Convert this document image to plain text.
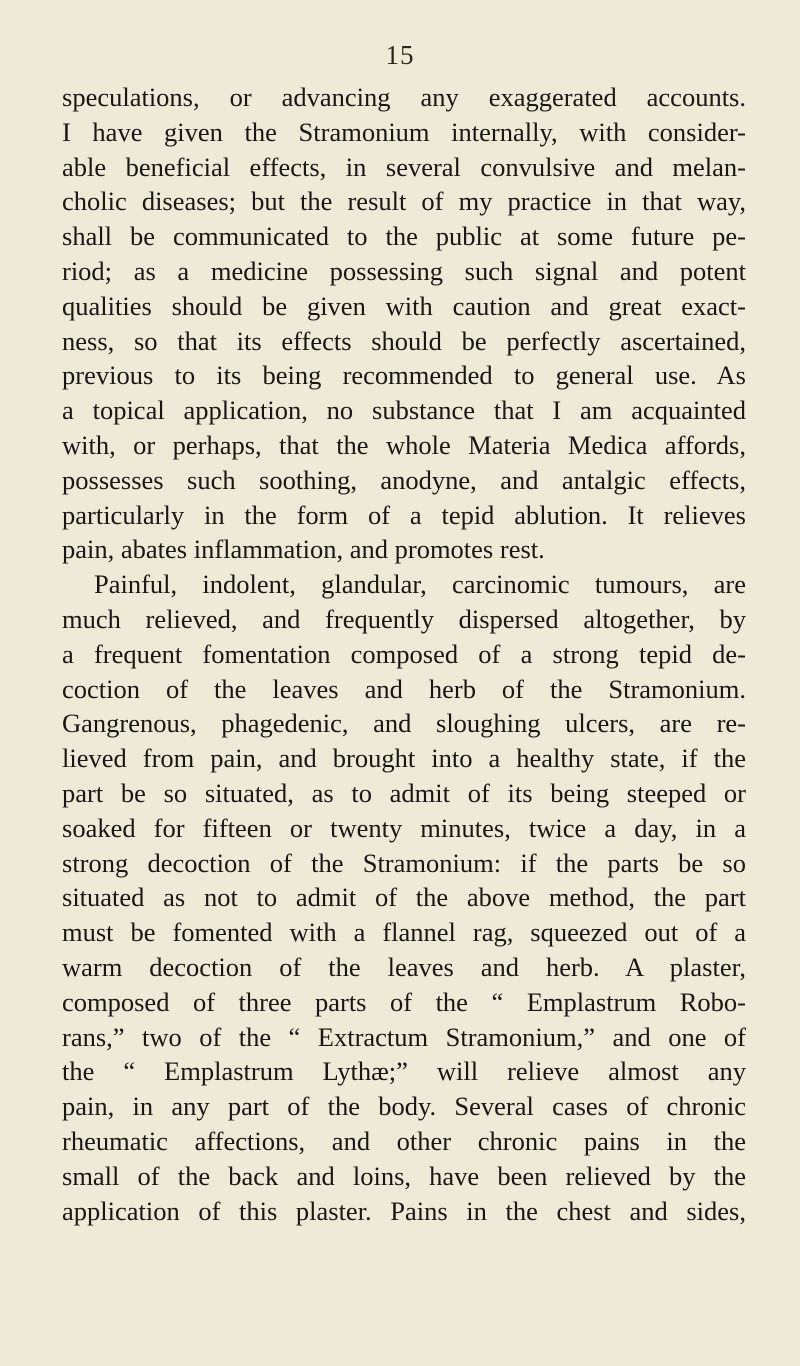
15
speculations, or advancing any exaggerated accounts.
I have given the Stramonium internally, with consider-
able beneficial effects, in several convulsive and melan-
cholic diseases; but the result of my practice in that way,
shall be communicated to the public at some future pe-
riod; as a medicine possessing such signal and potent
qualities should be given with caution and great exact-
ness, so that its effects should be perfectly ascertained,
previous to its being recommended to general use. As
a topical application, no substance that I am acquainted
with, or perhaps, that the whole Materia Medica affords,
possesses such soothing, anodyne, and antalgic effects,
particularly in the form of a tepid ablution. It relieves
pain, abates inflammation, and promotes rest.
Painful, indolent, glandular, carcinomic tumours, are
much relieved, and frequently dispersed altogether, by
a frequent fomentation composed of a strong tepid de-
coction of the leaves and herb of the Stramonium.
Gangrenous, phagedenic, and sloughing ulcers, are re-
lieved from pain, and brought into a healthy state, if the
part be so situated, as to admit of its being steeped or
soaked for fifteen or twenty minutes, twice a day, in a
strong decoction of the Stramonium: if the parts be so
situated as not to admit of the above method, the part
must be fomented with a flannel rag, squeezed out of a
warm decoction of the leaves and herb. A plaster,
composed of three parts of the “ Emplastrum Robo-
rans,” two of the “ Extractum Stramonium,” and one of
the “ Emplastrum Lythæ;” will relieve almost any
pain, in any part of the body. Several cases of chronic
rheumatic affections, and other chronic pains in the
small of the back and loins, have been relieved by the
application of this plaster. Pains in the chest and sides,
